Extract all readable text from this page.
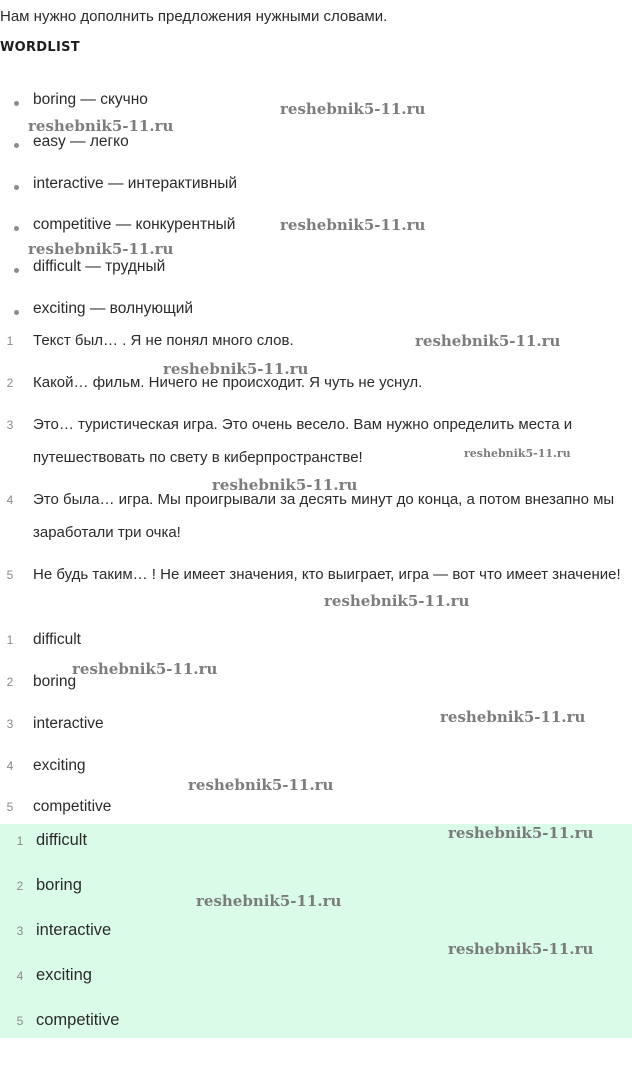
Нам нужно дополнить предложения нужными словами.
WORDLIST
boring — скучно
easy — легко
interactive — интерактивный
competitive — конкурентный
difficult — трудный
exciting — волнующий
1	Текст был… . Я не понял много слов.
2	Какой… фильм. Ничего не происходит. Я чуть не уснул.
3	Это… туристическая игра. Это очень весело. Вам нужно определить места и путешествовать по свету в киберпространстве!
4	Это была… игра. Мы проигрывали за десять минут до конца, а потом внезапно мы заработали три очка!
5	Не будь таким… ! Не имеет значения, кто выиграет, игра — вот что имеет значение!
1	difficult
2	boring
3	interactive
4	exciting
5	competitive
1 difficult
2 boring
3 interactive
4 exciting
5 competitive
reshebnik5-11.ru
reshebnik5-11.ru
reshebnik5-11.ru
reshebnik5-11.ru
reshebnik5-11.ru
reshebnik5-11.ru
reshebnik5-11.ru
reshebnik5-11.ru
reshebnik5-11.ru
reshebnik5-11.ru
reshebnik5-11.ru
reshebnik5-11.ru
reshebnik5-11.ru
reshebnik5-11.ru
reshebnik5-11.ru
